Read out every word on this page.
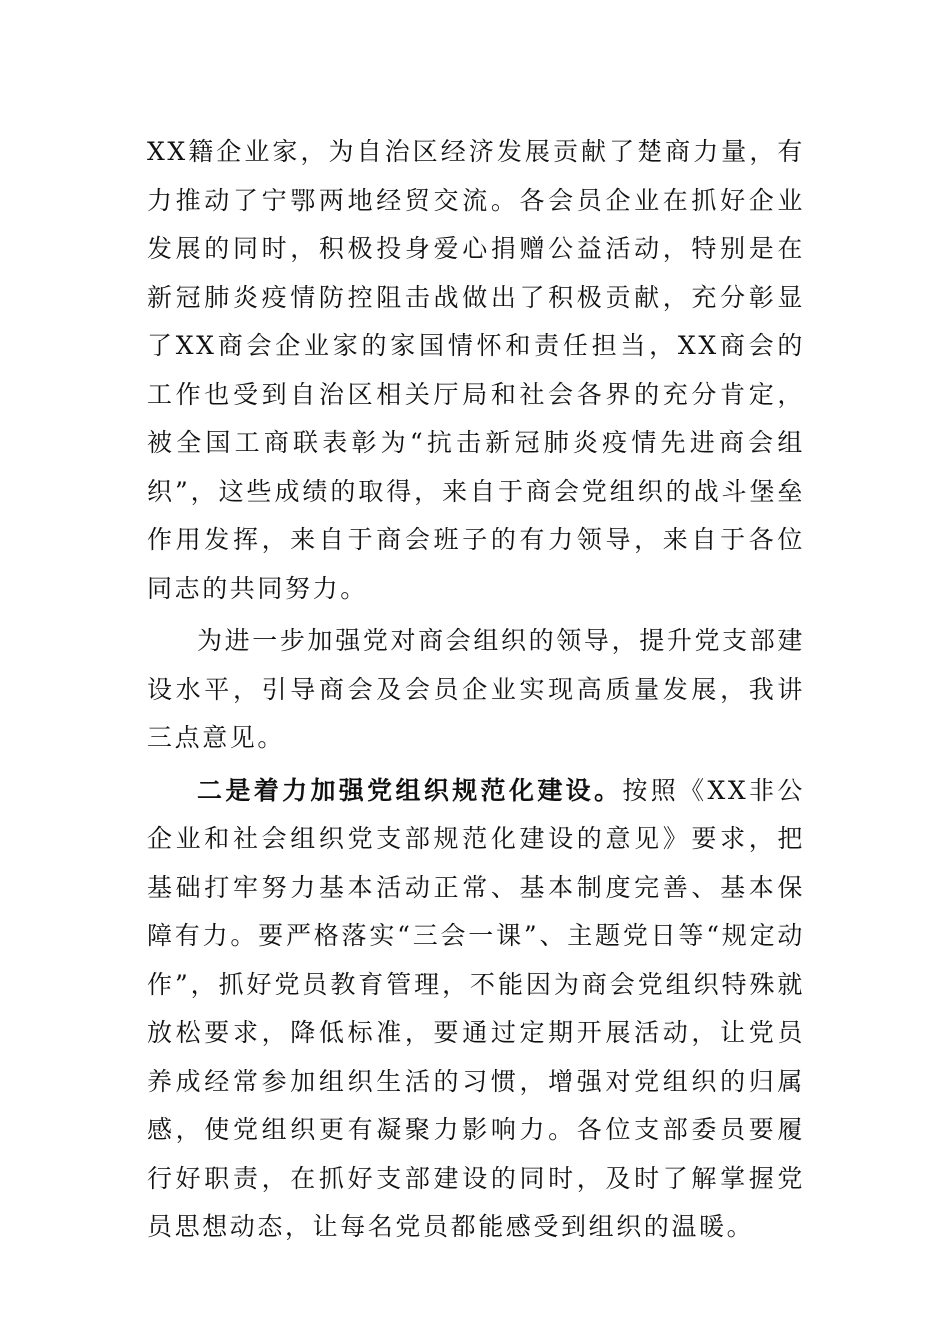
XX籍企业家，为自治区经济发展贡献了楚商力量，有力推动了宁鄂两地经贸交流。各会员企业在抓好企业发展的同时，积极投身爱心捐赠公益活动，特别是在新冠肺炎疫情防控阻击战做出了积极贡献，充分彰显了XX商会企业家的家国情怀和责任担当，XX商会的工作也受到自治区相关厅局和社会各界的充分肯定，被全国工商联表彰为“抗击新冠肺炎疫情先进商会组织”，这些成绩的取得，来自于商会党组织的战斗堡垒作用发挥，来自于商会班子的有力领导，来自于各位同志的共同努力。

为进一步加强党对商会组织的领导，提升党支部建设水平，引导商会及会员企业实现高质量发展，我讲三点意见。

二是着力加强党组织规范化建设。按照《XX非公企业和社会组织党支部规范化建设的意见》要求，把基础打牢努力基本活动正常、基本制度完善、基本保障有力。要严格落实“三会一课”、主题党日等“规定动作”，抓好党员教育管理，不能因为商会党组织特殊就放松要求，降低标准，要通过定期开展活动，让党员养成经常参加组织生活的习惯，增强对党组织的归属感，使党组织更有凝聚力影响力。各位支部委员要履行好职责，在抓好支部建设的同时，及时了解掌握党员思想动态，让每名党员都能感受到组织的温暖。
